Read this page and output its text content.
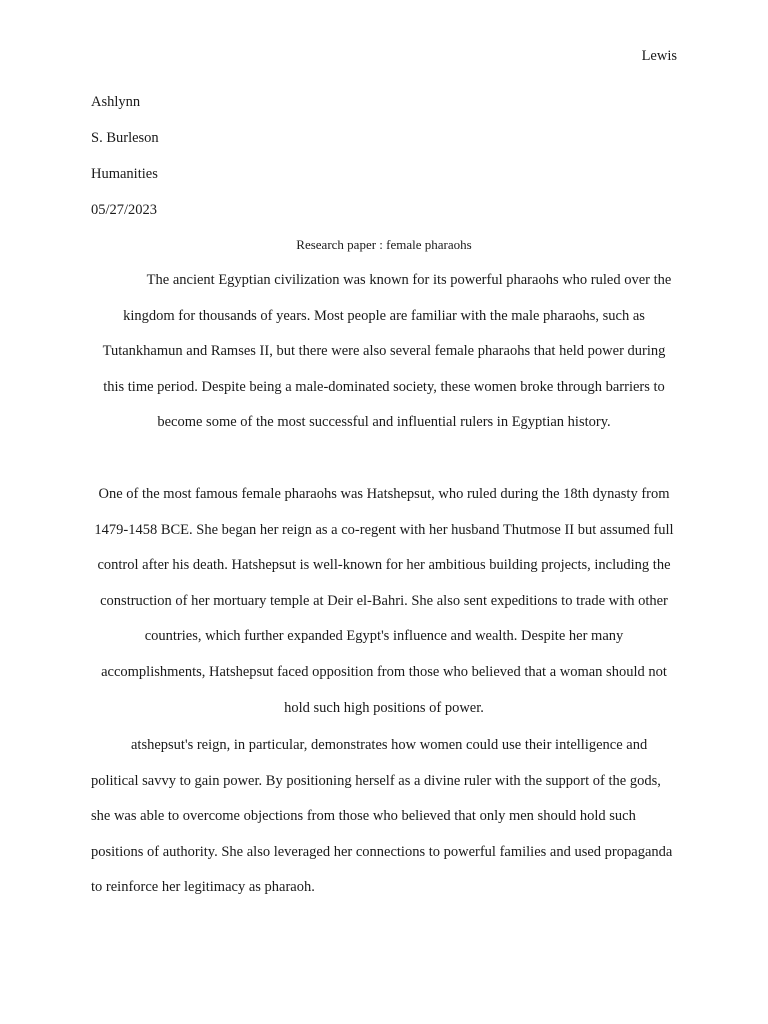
Lewis
Ashlynn
S. Burleson
Humanities
05/27/2023
Research paper : female pharaohs

The ancient Egyptian civilization was known for its powerful pharaohs who ruled over the kingdom for thousands of years. Most people are familiar with the male pharaohs, such as Tutankhamun and Ramses II, but there were also several female pharaohs that held power during this time period. Despite being a male-dominated society, these women broke through barriers to become some of the most successful and influential rulers in Egyptian history.

One of the most famous female pharaohs was Hatshepsut, who ruled during the 18th dynasty from 1479-1458 BCE. She began her reign as a co-regent with her husband Thutmose II but assumed full control after his death. Hatshepsut is well-known for her ambitious building projects, including the construction of her mortuary temple at Deir el-Bahri. She also sent expeditions to trade with other countries, which further expanded Egypt's influence and wealth. Despite her many accomplishments, Hatshepsut faced opposition from those who believed that a woman should not hold such high positions of power.

atshepsut's reign, in particular, demonstrates how women could use their intelligence and political savvy to gain power. By positioning herself as a divine ruler with the support of the gods, she was able to overcome objections from those who believed that only men should hold such positions of authority. She also leveraged her connections to powerful families and used propaganda to reinforce her legitimacy as pharaoh.
